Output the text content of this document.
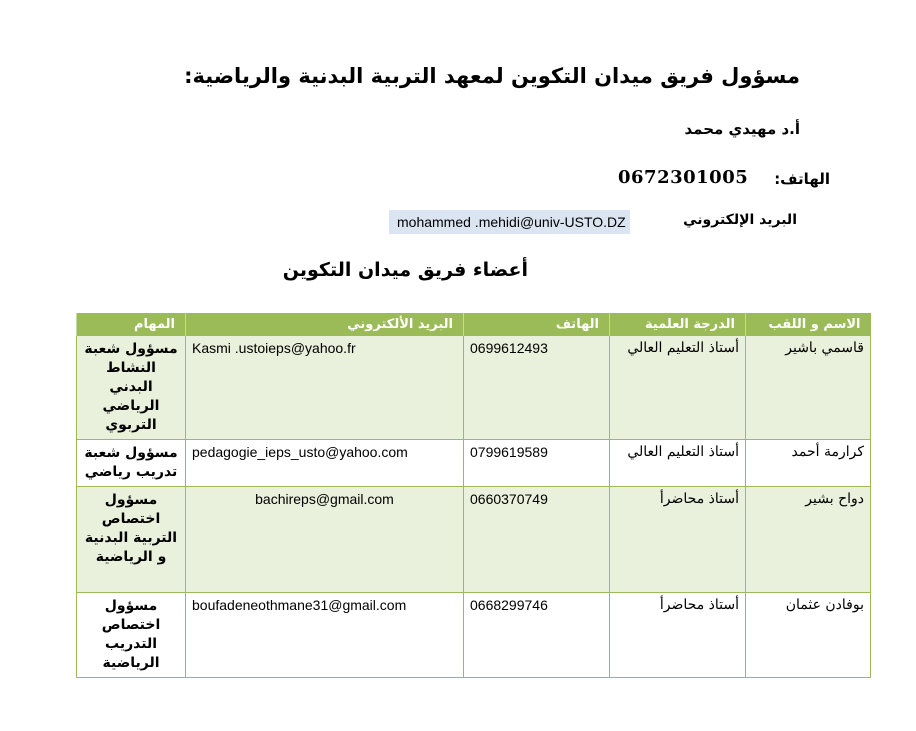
مسؤول فريق ميدان التكوين لمعهد التربية البدنية والرياضية:
أ.د مهيدي محمد
الهاتف:
0672301005
mohammed .mehidi@univ-USTO.DZ	البريد الإلكتروني
أعضاء فريق ميدان التكوين
الاسم و اللقب	الدرجة العلمية	الهاتف	البريد الألكتروني	المهام
قاسمي باشير	أستاذ التعليم العالي	0699612493	Kasmi .ustoieps@yahoo.fr	مسؤول شعبة النشاط البدني الرياضي التربوي
كرارمة أحمد	أستاذ التعليم العالي	0799619589	pedagogie_ieps_usto@yahoo.com	مسؤول شعبة تدريب رياضي
دواح بشير	أستاذ محاضرأ	0660370749	bachireps@gmail.com	مسؤول اختصاص التربية البدنية و الرياضية
بوفادن عثمان	أستاذ محاضرأ	0668299746	boufadeneothmane31@gmail.com	مسؤول اختصاص التدريب الرياضية
